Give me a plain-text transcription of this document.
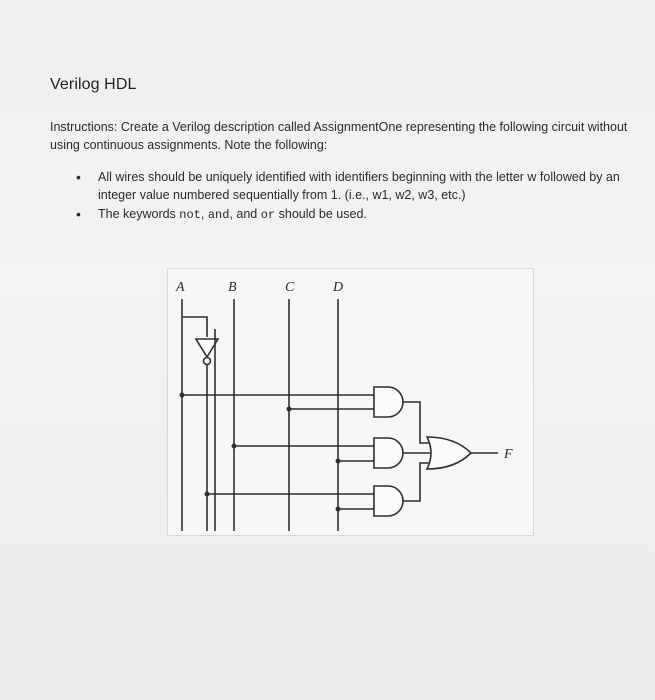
Verilog HDL
Instructions: Create a Verilog description called AssignmentOne representing the following circuit without using continuous assignments. Note the following:
• All wires should be uniquely identified with identifiers beginning with the letter w followed by an integer value numbered sequentially from 1. (i.e., w1, w2, w3, etc.)
• The keywords not, and, and or should be used.
A	B	C	D
F
